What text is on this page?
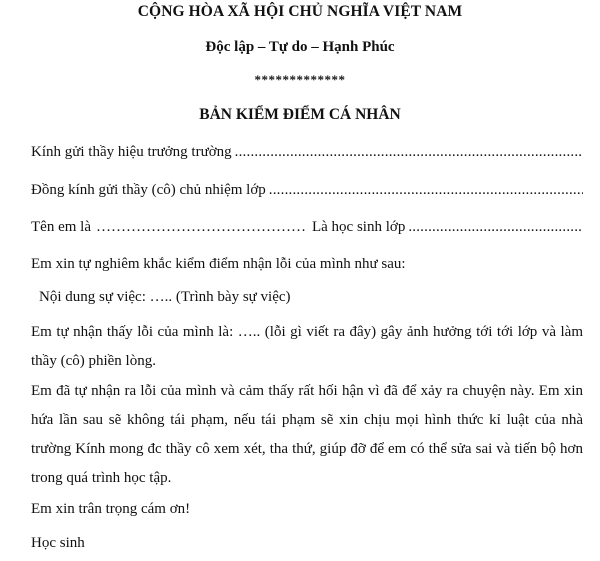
CỘNG HÒA XÃ HỘI CHỦ NGHĨA VIỆT NAM
Độc lập – Tự do – Hạnh Phúc
*************
BẢN KIỂM ĐIỂM CÁ NHÂN
Kính gửi thầy hiệu trưởng trường
.....
Đồng kính gửi thầy (cô) chủ nhiệm lớp
.....
Tên em là …………………………………… Là học sinh lớp
.....
Em xin tự nghiêm khắc kiểm điểm nhận lỗi của mình như sau:
Nội dung sự việc: ….. (Trình bày sự việc)
Em tự nhận thấy lỗi của mình là: ….. (lỗi gì viết ra đây) gây ảnh hưởng tới tới lớp và làm thầy (cô) phiền lòng.
Em đã tự nhận ra lỗi của mình và cảm thấy rất hối hận vì đã để xảy ra chuyện này. Em xin hứa lần sau sẽ không tái phạm, nếu tái phạm sẽ xin chịu mọi hình thức kỉ luật của nhà trường Kính mong đc thầy cô xem xét, tha thứ, giúp đỡ để em có thể sửa sai và tiến bộ hơn trong quá trình học tập.
Em xin trân trọng cám ơn!
Học sinh
